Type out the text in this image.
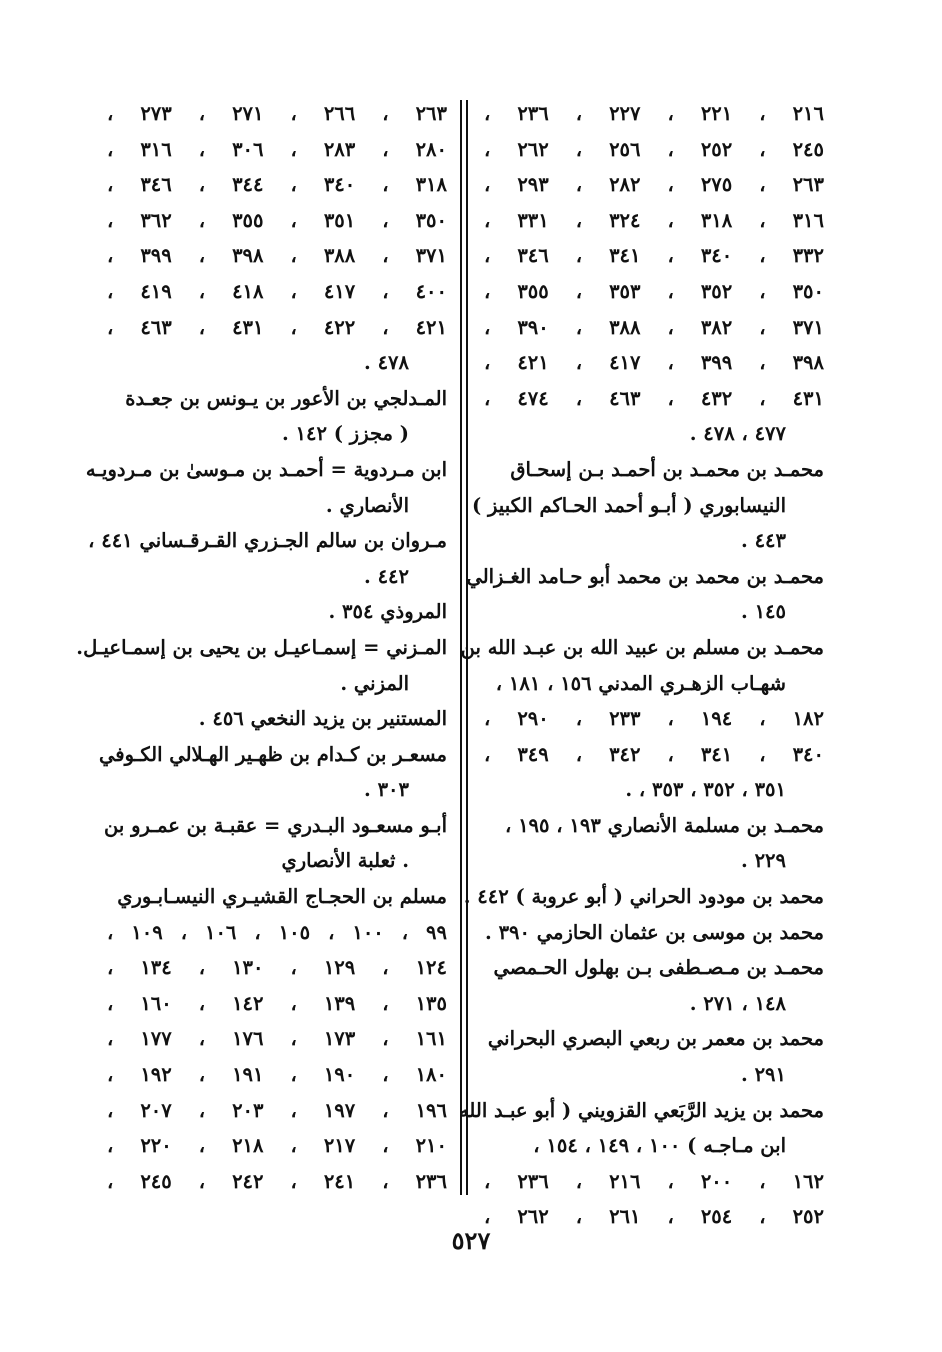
٢١٦ ، ٢٢١ ، ٢٢٧ ، ٢٣٦ ،
٢٤٥ ، ٢٥٢ ، ٢٥٦ ، ٢٦٢ ،
٢٦٣ ، ٢٧٥ ، ٢٨٢ ، ٢٩٣ ،
٣١٦ ، ٣١٨ ، ٣٢٤ ، ٣٣١ ،
٣٣٢ ، ٣٤٠ ، ٣٤١ ، ٣٤٦ ،
٣٥٠ ، ٣٥٢ ، ٣٥٣ ، ٣٥٥ ،
٣٧١ ، ٣٨٢ ، ٣٨٨ ، ٣٩٠ ،
٣٩٨ ، ٣٩٩ ، ٤١٧ ، ٤٢١ ،
٤٣١ ، ٤٣٢ ، ٤٦٣ ، ٤٧٤ ،
٤٧٧ ، ٤٧٨ .
محمـد بن محمـد بن أحمـد بـن إسحـاق
النيسابوري ( أبـو أحمد الحـاكم الكبيز )
٤٤٣ .
محمـد بن محمد بن محمد أبو حـامد الغـزالي
١٤٥ .
محمـد بن مسلم بن عبيد الله بن عبـد الله بن
شهـاب الزهـري المدني ١٥٦ ، ١٨١ ،
١٨٢ ، ١٩٤ ، ٢٣٣ ، ٢٩٠ ،
٣٤٠ ، ٣٤١ ، ٣٤٢ ، ٣٤٩ ،
٣٥١ ، ٣٥٢ ، ٣٥٣ ، .
محمـد بن مسلمة الأنصاري ١٩٣ ، ١٩٥ ،
٢٢٩ .
محمد بن مودود الحراني ( أبو عروبة ) ٤٤٢ .
محمد بن موسى بن عثمان الحازمي ٣٩٠ .
محمـد بن مـصـطفى بـن بهلول الحـمصي
١٤٨ ، ٢٧١ .
محمد بن معمر بن ربعي البصري البحراني
٢٩١ .
محمد بن يزيد الرَّبَعي القزويني ( أبو عبـد الله
ابن مـاجـه ) ١٠٠ ، ١٤٩ ، ١٥٤ ،
١٦٢ ، ٢٠٠ ، ٢١٦ ، ٢٣٦ ،
٢٥٢ ، ٢٥٤ ، ٢٦١ ، ٢٦٢ ،
٢٦٣ ، ٢٦٦ ، ٢٧١ ، ٢٧٣ ،
٢٨٠ ، ٢٨٣ ، ٣٠٦ ، ٣١٦ ،
٣١٨ ، ٣٤٠ ، ٣٤٤ ، ٣٤٦ ،
٣٥٠ ، ٣٥١ ، ٣٥٥ ، ٣٦٢ ،
٣٧١ ، ٣٨٨ ، ٣٩٨ ، ٣٩٩ ،
٤٠٠ ، ٤١٧ ، ٤١٨ ، ٤١٩ ،
٤٢١ ، ٤٢٢ ، ٤٣١ ، ٤٦٣ ،
٤٧٨ .
المـدلجي بن الأعور بن يـونس بن جعـدة
( مجزز ) ١٤٢ .
ابن مـردوية = أحمـد بن مـوسىٰ بن مـردويـه
الأنصاري .
مـروان بن سالم الجـزري القـرقـساني ٤٤١ ،
٤٤٢ .
المروذي ٣٥٤ .
المـزني = إسمـاعيـل بن يحيى بن إسمـاعيـل.
المزني .
المستنير بن يزيد النخعي ٤٥٦ .
مسعـر بن كـدام بن ظهـير الهـلالي الكـوفي
٣٠٣ .
أبـو مسعـود البـدري = عقبـة بن عمـرو بن
. ثعلبة الأنصاري
مسلم بن الحجـاج القشيـري النيسـابـوري
٩٩ ، ١٠٠ ، ١٠٥ ، ١٠٦ ، ١٠٩ ،
١٢٤ ، ١٢٩ ، ١٣٠ ، ١٣٤ ،
١٣٥ ، ١٣٩ ، ١٤٢ ، ١٦٠ ،
١٦١ ، ١٧٣ ، ١٧٦ ، ١٧٧ ،
١٨٠ ، ١٩٠ ، ١٩١ ، ١٩٢ ،
١٩٦ ، ١٩٧ ، ٢٠٣ ، ٢٠٧ ،
٢١٠ ، ٢١٧ ، ٢١٨ ، ٢٢٠ ،
٢٣٦ ، ٢٤١ ، ٢٤٢ ، ٢٤٥ ،
٥٢٧
